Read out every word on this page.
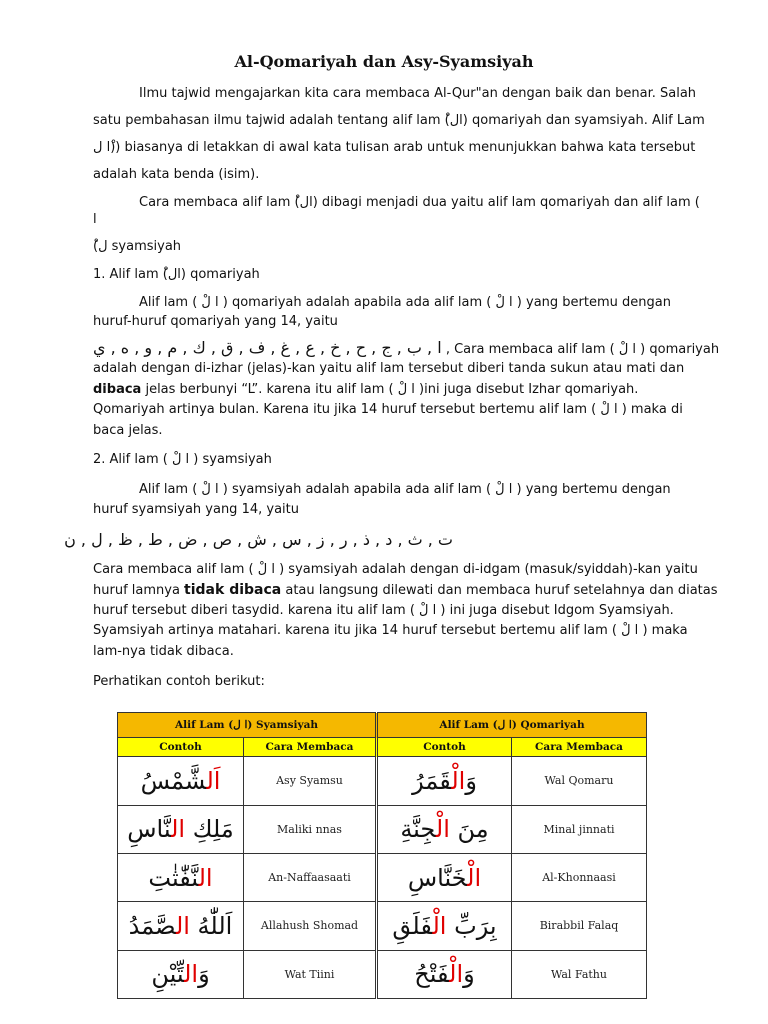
Al-Qomariyah dan Asy-Syamsiyah

Ilmu tajwid mengajarkan kita cara membaca Al-Qur"an dengan baik dan benar. Salah

satu pembahasan ilmu tajwid adalah tentang alif lam (ْال) qomariyah dan syamsiyah. Alif Lam

ا ل)ْ) biasanya di letakkan di awal kata tulisan arab untuk menunjukkan bahwa kata tersebut

adalah kata benda (isim).

Cara membaca alif lam (ْال) dibagi menjadi dua yaitu alif lam qomariyah dan alif lam (

ا

ْ(ل syamsiyah

1. Alif lam (ْال) qomariyah

Alif lam ( ا لْ ) qomariyah adalah apabila ada alif lam ( ا لْ ) yang bertemu dengan

huruf-huruf qomariyah yang 14, yaitu

ا , ب , ج , ح , خ , ع , غ , ف , ق , ك , م , و , ه , ي , Cara membaca alif lam ( ا لْ ) qomariyah

adalah dengan di-izhar (jelas)-kan yaitu alif lam tersebut diberi tanda sukun atau mati dan

dibaca jelas berbunyi “L”. karena itu alif lam ( ا لْ )ini juga disebut Izhar qomariyah.

Qomariyah artinya bulan. Karena itu jika 14 huruf tersebut bertemu alif lam ( ا لْ ) maka di

baca jelas.

2. Alif lam ( ا لْ ) syamsiyah

Alif lam ( ا لْ ) syamsiyah adalah apabila ada alif lam ( ا لْ ) yang bertemu dengan

huruf syamsiyah yang 14, yaitu

ت , ث , د , ذ , ر , ز , س , ش , ص , ض , ط , ظ , ل , ن

Cara membaca alif lam ( ا لْ ) syamsiyah adalah dengan di-idgam (masuk/syiddah)-kan yaitu

huruf lamnya tidak dibaca atau langsung dilewati dan membaca huruf setelahnya dan diatas

huruf tersebut diberi tasydid. karena itu alif lam ( ا لْ ) ini juga disebut Idgom Syamsiyah.

Syamsiyah artinya matahari. karena itu jika 14 huruf tersebut bertemu alif lam ( ا لْ ) maka

lam-nya tidak dibaca.

Perhatikan contoh berikut:

Alif Lam (ا ل) Syamsiyah		Alif Lam (ا ل) Qomariyah	
Contoh	Cara Membaca	Contoh	Cara Membaca
اَلشَّمْسُ	Asy Syamsu	وَالْقَمَرُ	Wal Qomaru
مَلِكِ النَّاسِ	Maliki nnas	مِنَ الْجِنَّةِ	Minal jinnati
النَّفّٰثٰتِ	An-Naffaasaati	الْخَنَّاسِ	Al-Khonnaasi
اَللّٰهُ الصَّمَدُ	Allahush Shomad	بِرَبِّ الْفَلَقِ	Birabbil Falaq
وَالتِّيْنِ	Wat Tiini	وَالْفَتْحُ	Wal Fathu
